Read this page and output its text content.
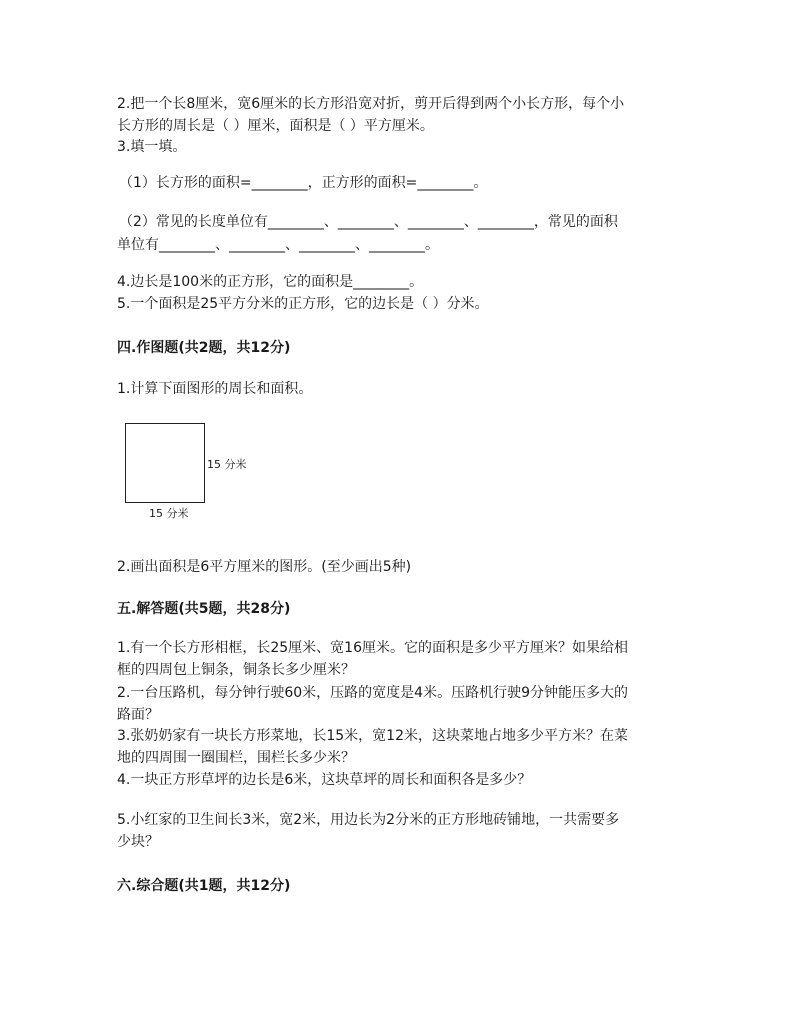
2.把一个长8厘米，宽6厘米的长方形沿宽对折，剪开后得到两个小长方形，每个小
长方形的周长是（ ）厘米，面积是（ ）平方厘米。
3.填一填。
（1）长方形的面积=________，正方形的面积=________。
（2）常见的长度单位有________、________、________、________，常见的面积
单位有________、________、________、________。
4.边长是100米的正方形，它的面积是________。
5.一个面积是25平方分米的正方形，它的边长是（ ）分米。
四.作图题(共2题，共12分)
1.计算下面图形的周长和面积。
15 分米
15 分米
2.画出面积是6平方厘米的图形。(至少画出5种)
五.解答题(共5题，共28分)
1.有一个长方形相框，长25厘米、宽16厘米。它的面积是多少平方厘米？如果给相
框的四周包上铜条，铜条长多少厘米？
2.一台压路机，每分钟行驶60米，压路的宽度是4米。压路机行驶9分钟能压多大的
路面？
3.张奶奶家有一块长方形菜地，长15米，宽12米，这块菜地占地多少平方米？在菜
地的四周围一圈围栏，围栏长多少米？
4.一块正方形草坪的边长是6米，这块草坪的周长和面积各是多少？
5.小红家的卫生间长3米，宽2米，用边长为2分米的正方形地砖铺地，一共需要多
少块？
六.综合题(共1题，共12分)
